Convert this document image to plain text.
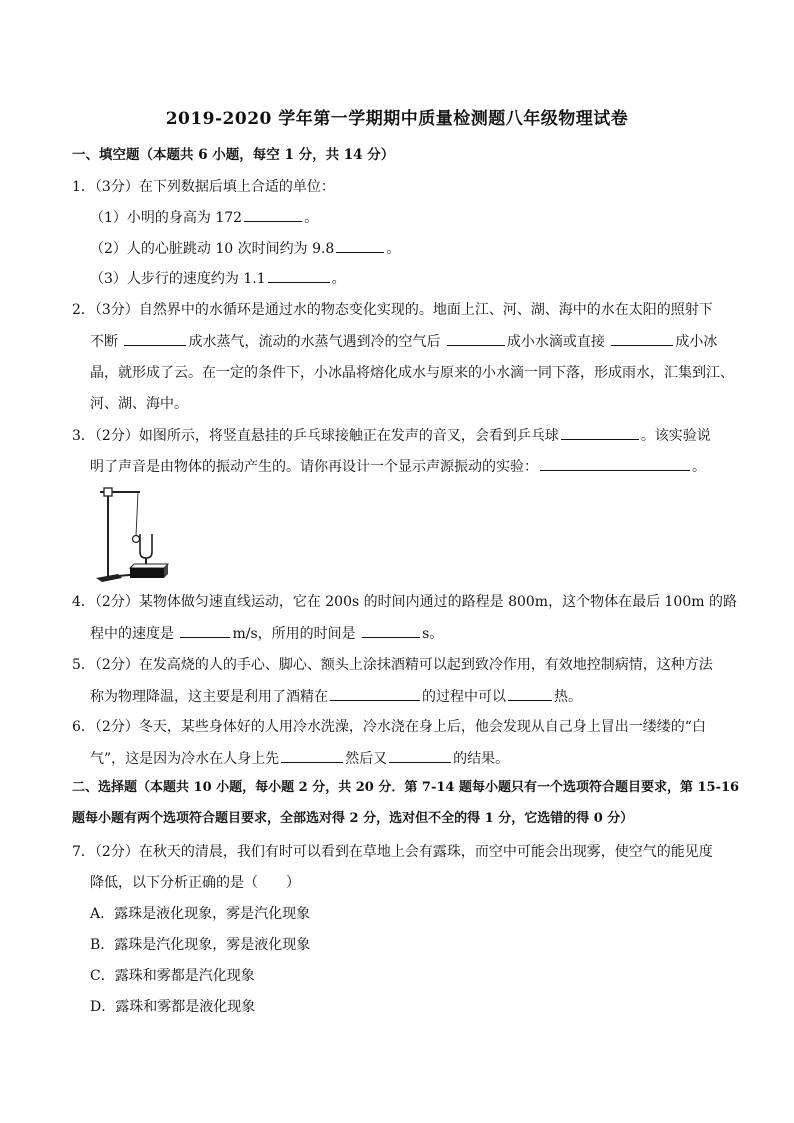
2019-2020 学年第一学期期中质量检测题八年级物理试卷
一、填空题（本题共 6 小题，每空 1 分，共 14 分）
1．（3分）在下列数据后填上合适的单位：
（1）小明的身高为 172	。
（2）人的心脏跳动 10 次时间约为 9.8	。
（3）人步行的速度约为 1.1	。
2．（3分）自然界中的水循环是通过水的物态变化实现的。地面上江、河、湖、海中的水在太阳的照射下
不断	成水蒸气，流动的水蒸气遇到冷的空气后	成小水滴或直接	成小冰
晶，就形成了云。在一定的条件下，小冰晶将熔化成水与原来的小水滴一同下落，形成雨水，汇集到江、
河、湖、海中。
3．（2分）如图所示，将竖直悬挂的乒乓球接触正在发声的音叉，会看到乒乓球	。该实验说
明了声音是由物体的振动产生的。请你再设计一个显示声源振动的实验：	。
4．（2分）某物体做匀速直线运动，它在 200s 的时间内通过的路程是 800m，这个物体在最后 100m 的路
程中的速度是	m/s，所用的时间是	s。
5．（2分）在发高烧的人的手心、脚心、额头上涂抹酒精可以起到致冷作用，有效地控制病情，这种方法
称为物理降温，这主要是利用了酒精在	的过程中可以	热。
6．（2分）冬天，某些身体好的人用冷水洗澡，冷水浇在身上后，他会发现从自己身上冒出一缕缕的“白
气”，这是因为冷水在人身上先	然后又	的结果。
二、选择题（本题共 10 小题，每小题 2 分，共 20 分．第 7-14 题每小题只有一个选项符合题目要求，第 15-16
题每小题有两个选项符合题目要求，全部选对得 2 分，选对但不全的得 1 分，它选错的得 0 分）
7．（2分）在秋天的清晨，我们有时可以看到在草地上会有露珠，而空中可能会出现雾，使空气的能见度
降低，以下分析正确的是（　　）
A．露珠是液化现象，雾是汽化现象
B．露珠是汽化现象，雾是液化现象
C．露珠和雾都是汽化现象
D．露珠和雾都是液化现象
